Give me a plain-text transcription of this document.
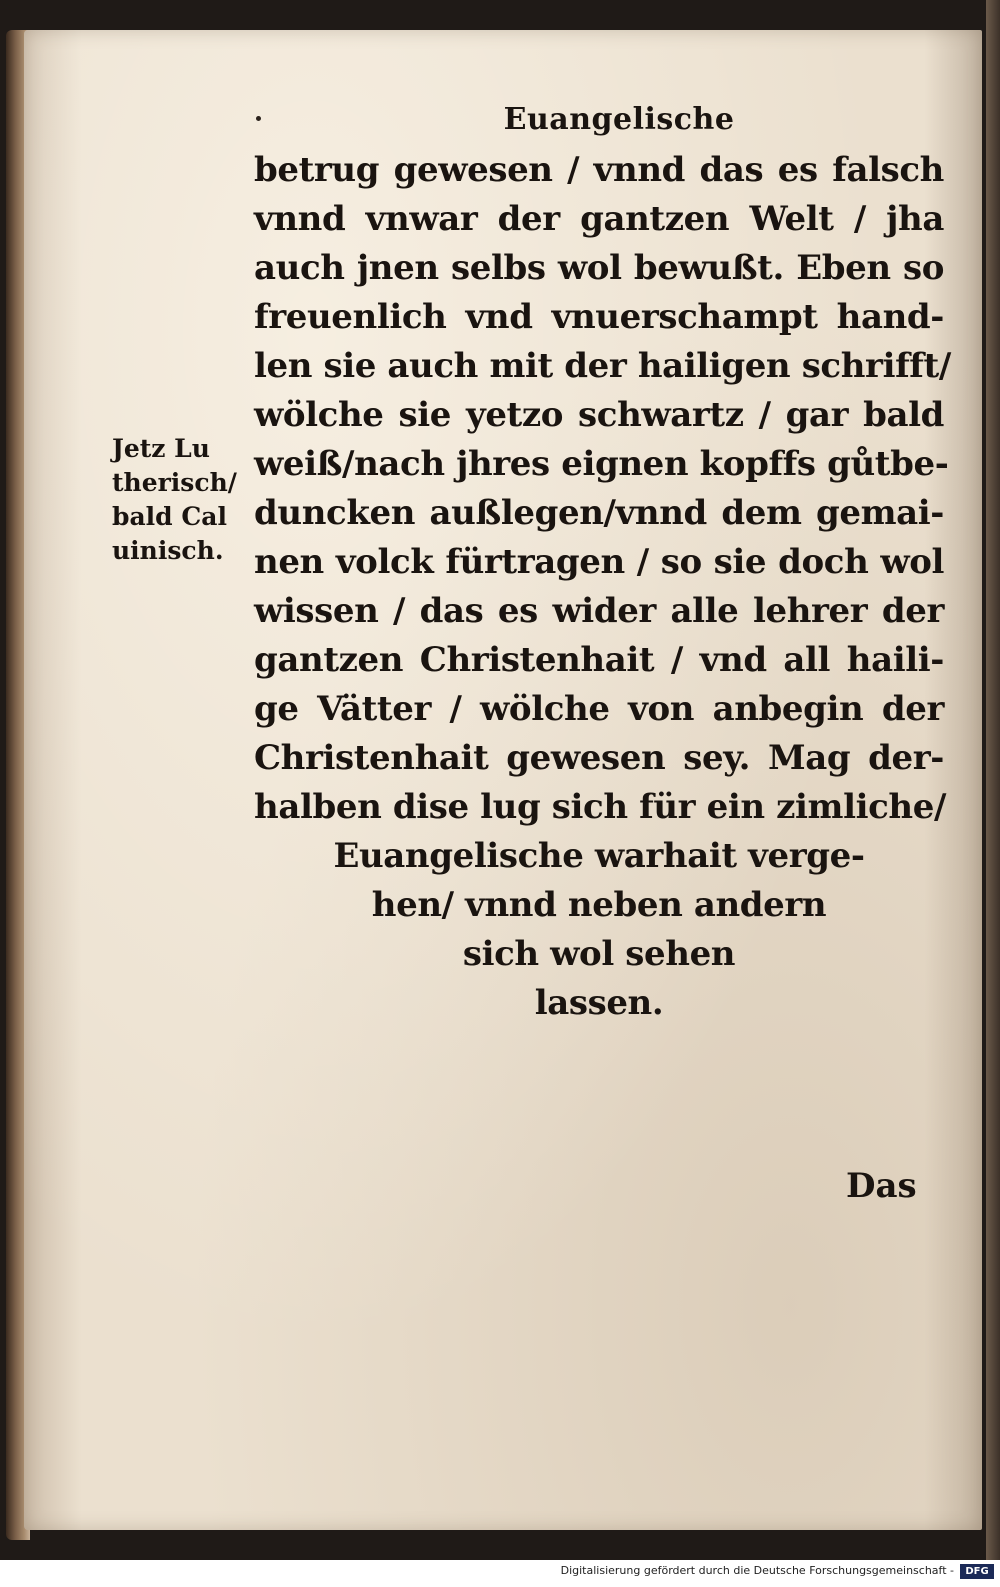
Euangelische
betrug gewesen / vnnd das es falsch
vnnd vnwar der gantzen Welt / jha
auch jnen selbs wol bewußt. Eben so
freuenlich vnd vnuerschampt hand-
len sie auch mit der hailigen schrifft/
wölche sie yetzo schwartz / gar bald
weiß/nach jhres eignen kopffs gůtbe-
duncken außlegen/vnnd dem gemai-
nen volck fürtragen / so sie doch wol
wissen / das es wider alle lehrer der
gantzen Christenhait / vnd all haili-
ge Vätter / wölche von anbegin der
Christenhait gewesen sey. Mag der-
halben dise lug sich für ein zimliche/
Euangelische warhait verge-
hen/ vnnd neben andern
sich wol sehen
lassen.
Jetz Lu
therisch/
bald Cal
uinisch.
Das
Digitalisierung gefördert durch die Deutsche Forschungsgemeinschaft -	DFG
